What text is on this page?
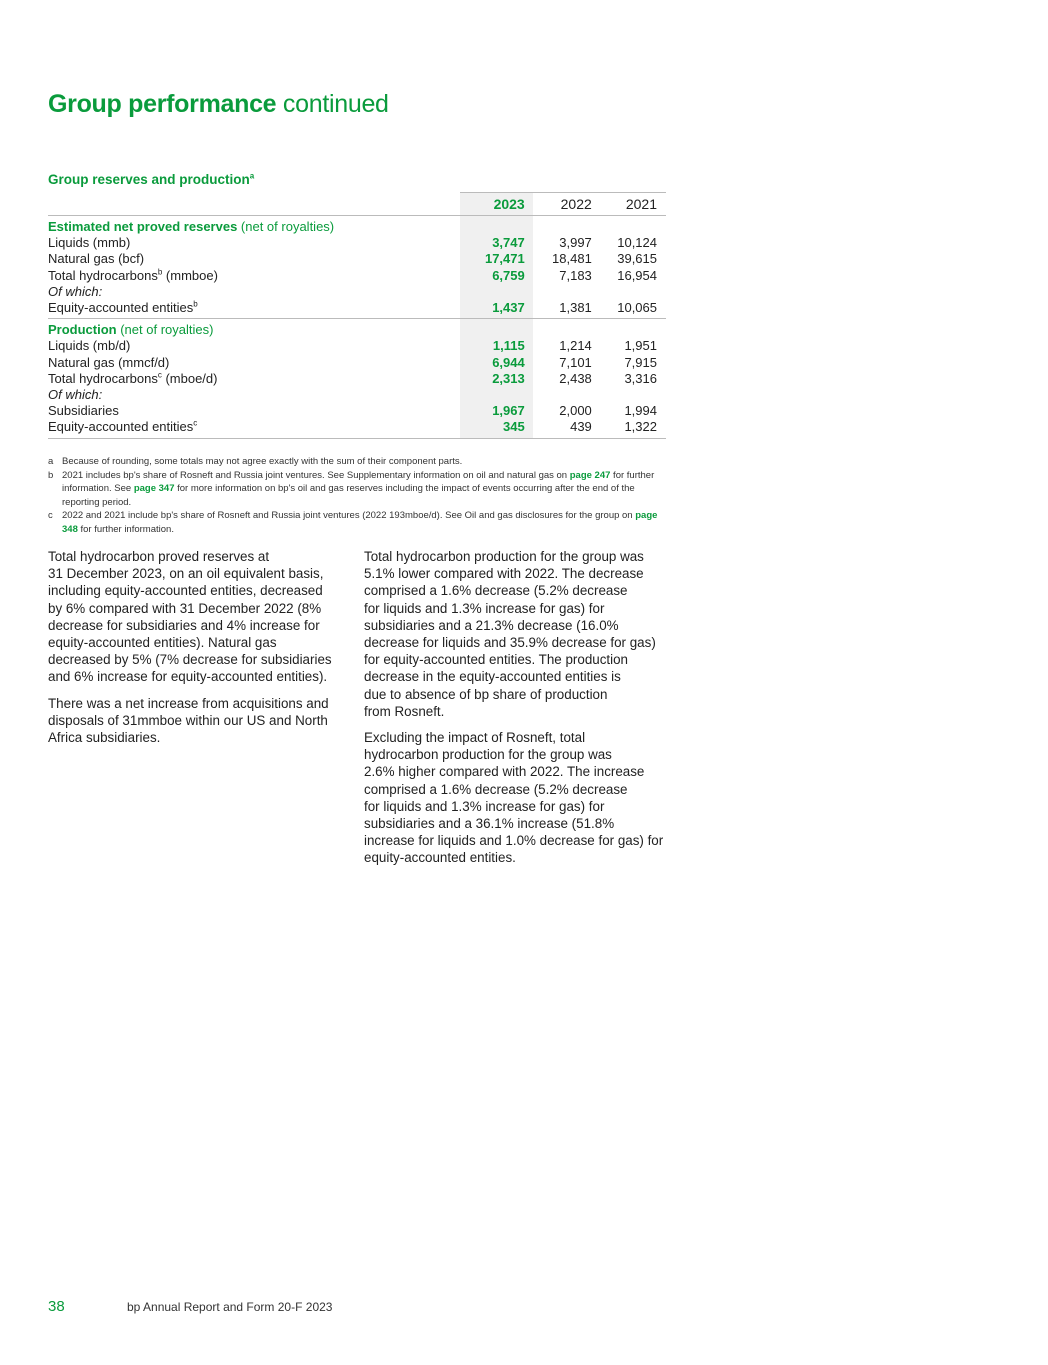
Group performance continued
Group reserves and production$^a$
		2023	2022	2021
Estimated net proved reserves (net of royalties)				
Liquids (mmb)		3,747	3,997	10,124
Natural gas (bcf)		17,471	18,481	39,615
Total hydrocarbons$^b$ (mmboe)		6,759	7,183	16,954
Of which:				
Equity-accounted entities$^b$		1,437	1,381	10,065
Production (net of royalties)				
Liquids (mb/d)		1,115	1,214	1,951
Natural gas (mmcf/d)		6,944	7,101	7,915
Total hydrocarbons$^c$ (mboe/d)		2,313	2,438	3,316
Of which:				
Subsidiaries		1,967	2,000	1,994
Equity-accounted entities$^c$		345	439	1,322
a Because of rounding, some totals may not agree exactly with the sum of their component parts.
b 2021 includes bp's share of Rosneft and Russia joint ventures. See Supplementary information on oil and natural gas on page 247 for further information. See page 347 for more information on bp's oil and gas reserves including the impact of events occurring after the end of the reporting period.
c 2022 and 2021 include bp's share of Rosneft and Russia joint ventures (2022 193mboe/d). See Oil and gas disclosures for the group on page 348 for further information.

Total hydrocarbon proved reserves at
31 December 2023, on an oil equivalent basis, including equity-accounted entities, decreased by 6% compared with 31 December 2022 (8% decrease for subsidiaries and 4% increase for equity-accounted entities). Natural gas decreased by 5% (7% decrease for subsidiaries and 6% increase for equity-accounted entities).

There was a net increase from acquisitions and disposals of 31mmboe within our US and North Africa subsidiaries.

Total hydrocarbon production for the group was 5.1% lower compared with 2022. The decrease comprised a 1.6% decrease (5.2% decrease
for liquids and 1.3% increase for gas) for
subsidiaries and a 21.3% decrease (16.0% decrease for liquids and 35.9% decrease for gas) for equity-accounted entities. The production decrease in the equity-accounted entities is
due to absence of bp share of production
from Rosneft.

Excluding the impact of Rosneft, total
hydrocarbon production for the group was
2.6% higher compared with 2022. The increase comprised a 1.6% decrease (5.2% decrease
for liquids and 1.3% increase for gas) for
subsidiaries and a 36.1% increase (51.8%
increase for liquids and 1.0% decrease for gas) for equity-accounted entities.

38	bp Annual Report and Form 20-F 2023
